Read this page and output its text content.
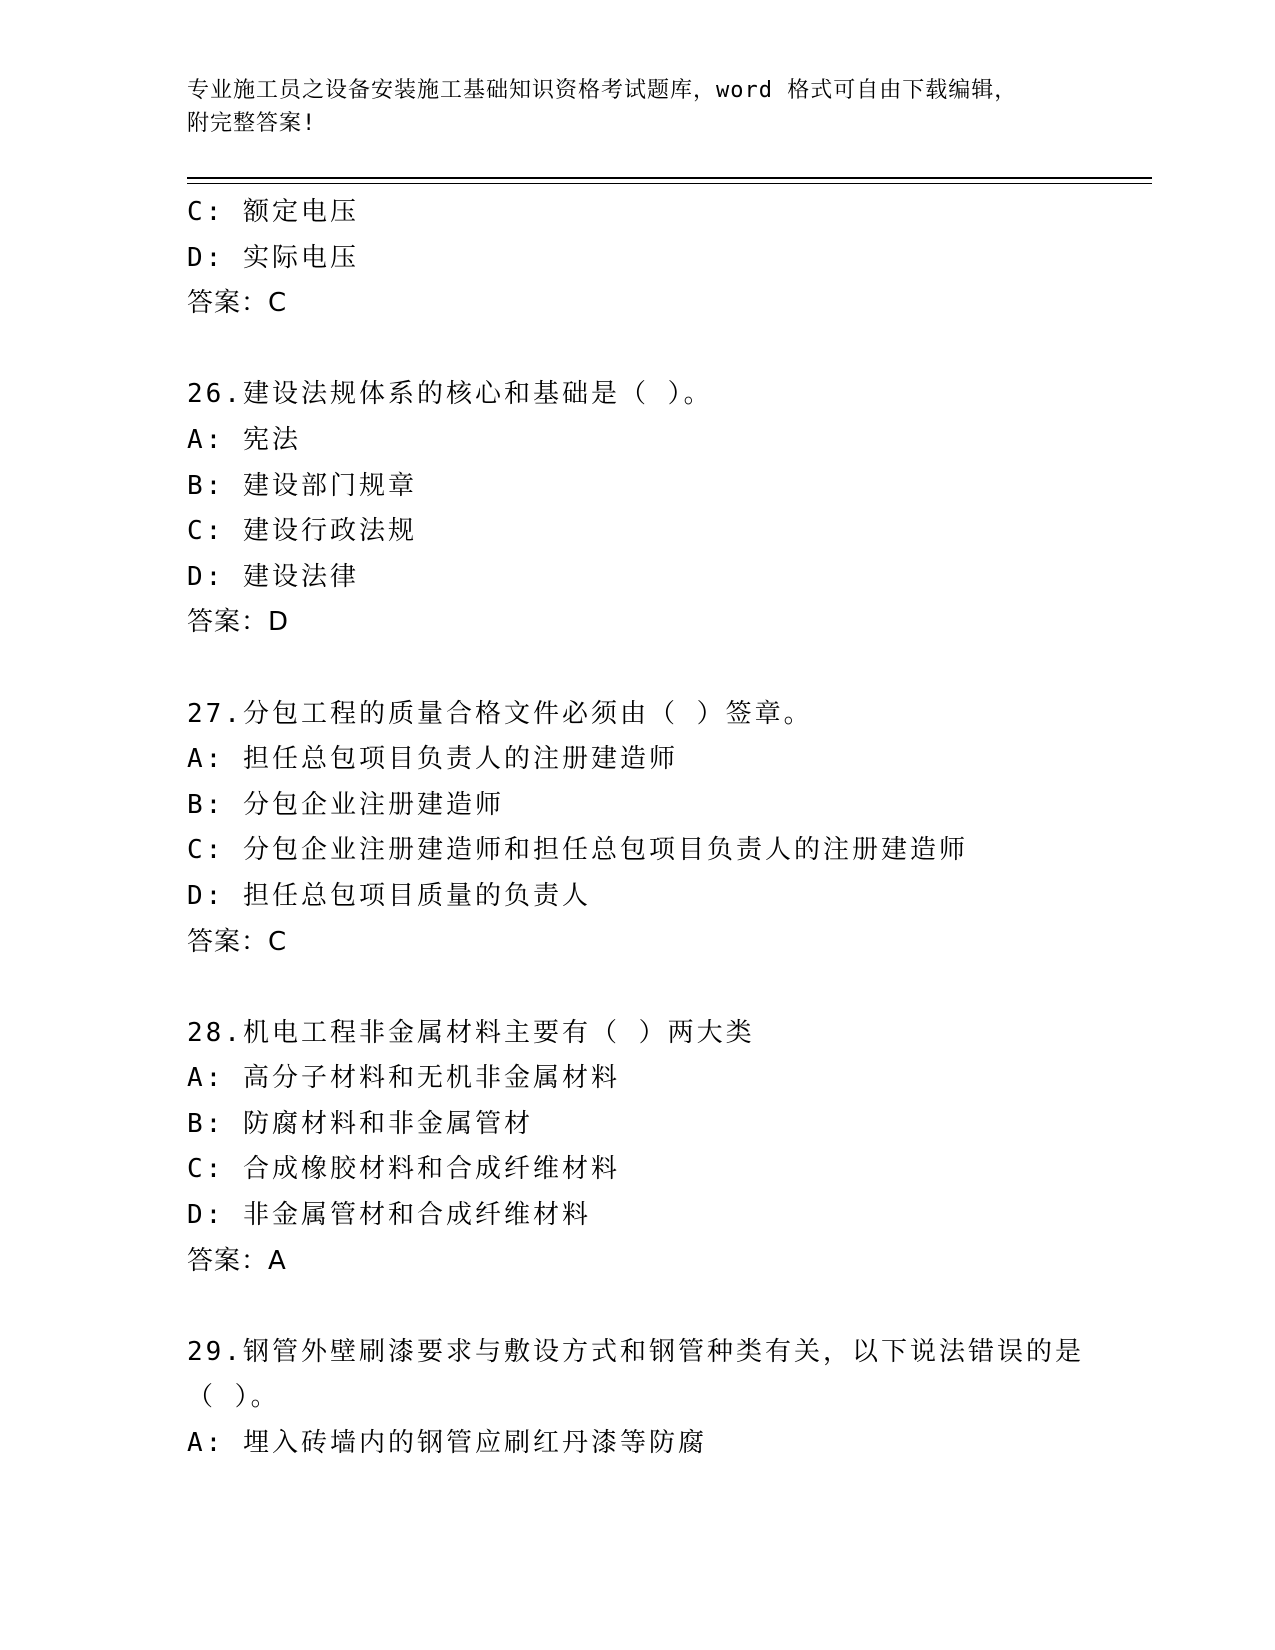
专业施工员之设备安装施工基础知识资格考试题库，word 格式可自由下载编辑，
附完整答案!
C: 额定电压
D: 实际电压
答案：C
26.建设法规体系的核心和基础是（ ）。
A: 宪法
B: 建设部门规章
C: 建设行政法规
D: 建设法律
答案：D
27.分包工程的质量合格文件必须由（ ）签章。
A: 担任总包项目负责人的注册建造师
B: 分包企业注册建造师
C: 分包企业注册建造师和担任总包项目负责人的注册建造师
D: 担任总包项目质量的负责人
答案：C
28.机电工程非金属材料主要有（ ）两大类
A: 高分子材料和无机非金属材料
B: 防腐材料和非金属管材
C: 合成橡胶材料和合成纤维材料
D: 非金属管材和合成纤维材料
答案：A
29.钢管外壁刷漆要求与敷设方式和钢管种类有关，以下说法错误的是
（ ）。
A: 埋入砖墙内的钢管应刷红丹漆等防腐
